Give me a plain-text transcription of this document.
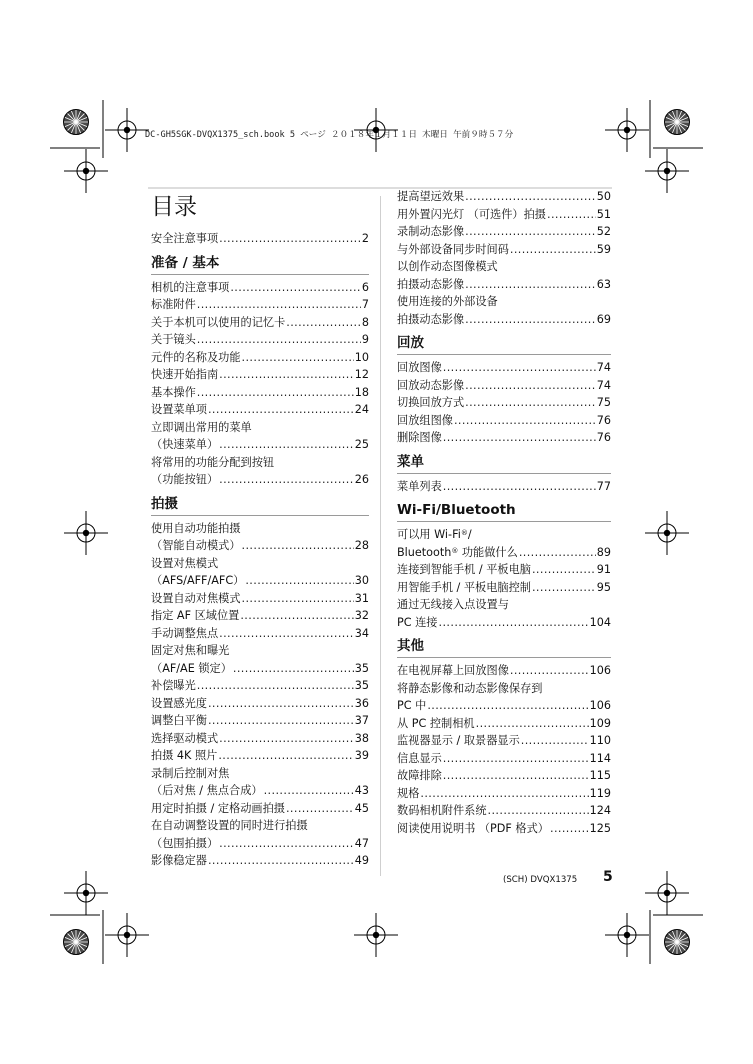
DC-GH5SGK-DVQX1375_sch.book 5 ページ ２０１８年１月１１日 木曜日 午前９時５７分
目录
安全注意事项 .....	2
准备 / 基本
相机的注意事项 .....	6
标准附件 .....	7
关于本机可以使用的记忆卡 .....	8
关于镜头 .....	9
元件的名称及功能 .....	10
快速开始指南 .....	12
基本操作 .....	18
设置菜单项 .....	24
立即调出常用的菜单
（快速菜单） .....	25
将常用的功能分配到按钮
（功能按钮） .....	26
拍摄
使用自动功能拍摄
（智能自动模式） .....	28
设置对焦模式
（AFS/AFF/AFC） .....	30
设置自动对焦模式 .....	31
指定 AF 区域位置 .....	32
手动调整焦点 .....	34
固定对焦和曝光
（AF/AE 锁定） .....	35
补偿曝光 .....	35
设置感光度 .....	36
调整白平衡 .....	37
选择驱动模式 .....	38
拍摄 4K 照片 .....	39
录制后控制对焦
（后对焦 / 焦点合成） .....	43
用定时拍摄 / 定格动画拍摄 .....	45
在自动调整设置的同时进行拍摄
（包围拍摄） .....	47
影像稳定器 .....	49
提高望远效果 .....	50
用外置闪光灯 （可选件）拍摄 .....	51
录制动态影像 .....	52
与外部设备同步时间码 .....	59
以创作动态图像模式
拍摄动态影像 .....	63
使用连接的外部设备
拍摄动态影像 .....	69
回放
回放图像 .....	74
回放动态影像 .....	74
切换回放方式 .....	75
回放组图像 .....	76
删除图像 .....	76
菜单
菜单列表 .....	77
Wi-Fi/Bluetooth
可以用 Wi-Fi®/
Bluetooth® 功能做什么 .....	89
连接到智能手机 / 平板电脑 .....	91
用智能手机 / 平板电脑控制 .....	95
通过无线接入点设置与
PC 连接 .....	104
其他
在电视屏幕上回放图像 .....	106
将静态影像和动态影像保存到
PC 中 .....	106
从 PC 控制相机 .....	109
监视器显示 / 取景器显示 .....	110
信息显示 .....	114
故障排除 .....	115
规格 .....	119
数码相机附件系统 .....	124
阅读使用说明书 （PDF 格式） .....	125
(SCH) DVQX1375 5
